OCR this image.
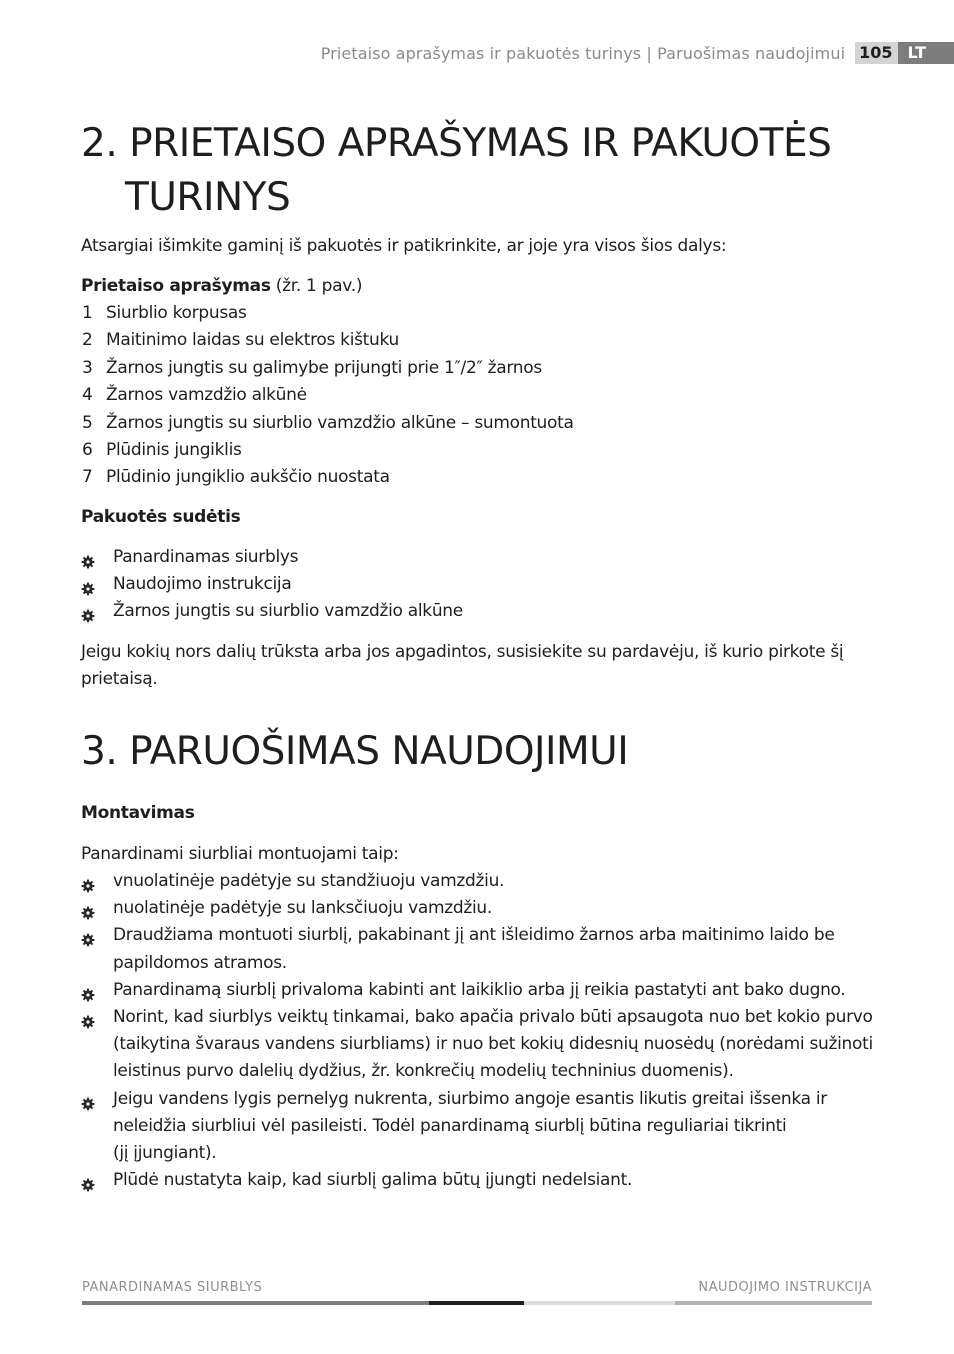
Prietaiso aprašymas ir pakuotės turinys | Paruošimas naudojimui 105 LT
2. PRIETAISO APRAŠYMAS IR PAKUOTĖS
TURINYS

Atsargiai išimkite gaminį iš pakuotės ir patikrinkite, ar joje yra visos šios dalys:

Prietaiso aprašymas (žr. 1 pav.)

1 Siurblio korpusas
2 Maitinimo laidas su elektros kištuku
3 Žarnos jungtis su galimybe prijungti prie 1″/2″ žarnos
4 Žarnos vamzdžio alkūnė
5 Žarnos jungtis su siurblio vamzdžio alkūne – sumontuota
6 Plūdinis jungiklis
7 Plūdinio jungiklio aukščio nuostata

Pakuotės sudėtis

Panardinamas siurblys
Naudojimo instrukcija
Žarnos jungtis su siurblio vamzdžio alkūne

Jeigu kokių nors dalių trūksta arba jos apgadintos, susisiekite su pardavėju, iš kurio pirkote šį

prietaisą.

3. PARUOŠIMAS NAUDOJIMUI

Montavimas

Panardinami siurbliai montuojami taip:

vnuolatinėje padėtyje su standžiuoju vamzdžiu.
nuolatinėje padėtyje su lanksčiuoju vamzdžiu.
Draudžiama montuoti siurblį, pakabinant jį ant išleidimo žarnos arba maitinimo laido be
papildomos atramos.
Panardinamą siurblį privaloma kabinti ant laikiklio arba jį reikia pastatyti ant bako dugno.
Norint, kad siurblys veiktų tinkamai, bako apačia privalo būti apsaugota nuo bet kokio purvo
(taikytina švaraus vandens siurbliams) ir nuo bet kokių didesnių nuosėdų (norėdami sužinoti
leistinus purvo dalelių dydžius, žr. konkrečių modelių techninius duomenis).
Jeigu vandens lygis pernelyg nukrenta, siurbimo angoje esantis likutis greitai išsenka ir
neleidžia siurbliui vėl pasileisti. Todėl panardinamą siurblį būtina reguliariai tikrinti
(jį įjungiant).
Plūdė nustatyta kaip, kad siurblį galima būtų įjungti nedelsiant.
PANARDINAMAS SIURBLYS	NAUDOJIMO INSTRUKCIJA
